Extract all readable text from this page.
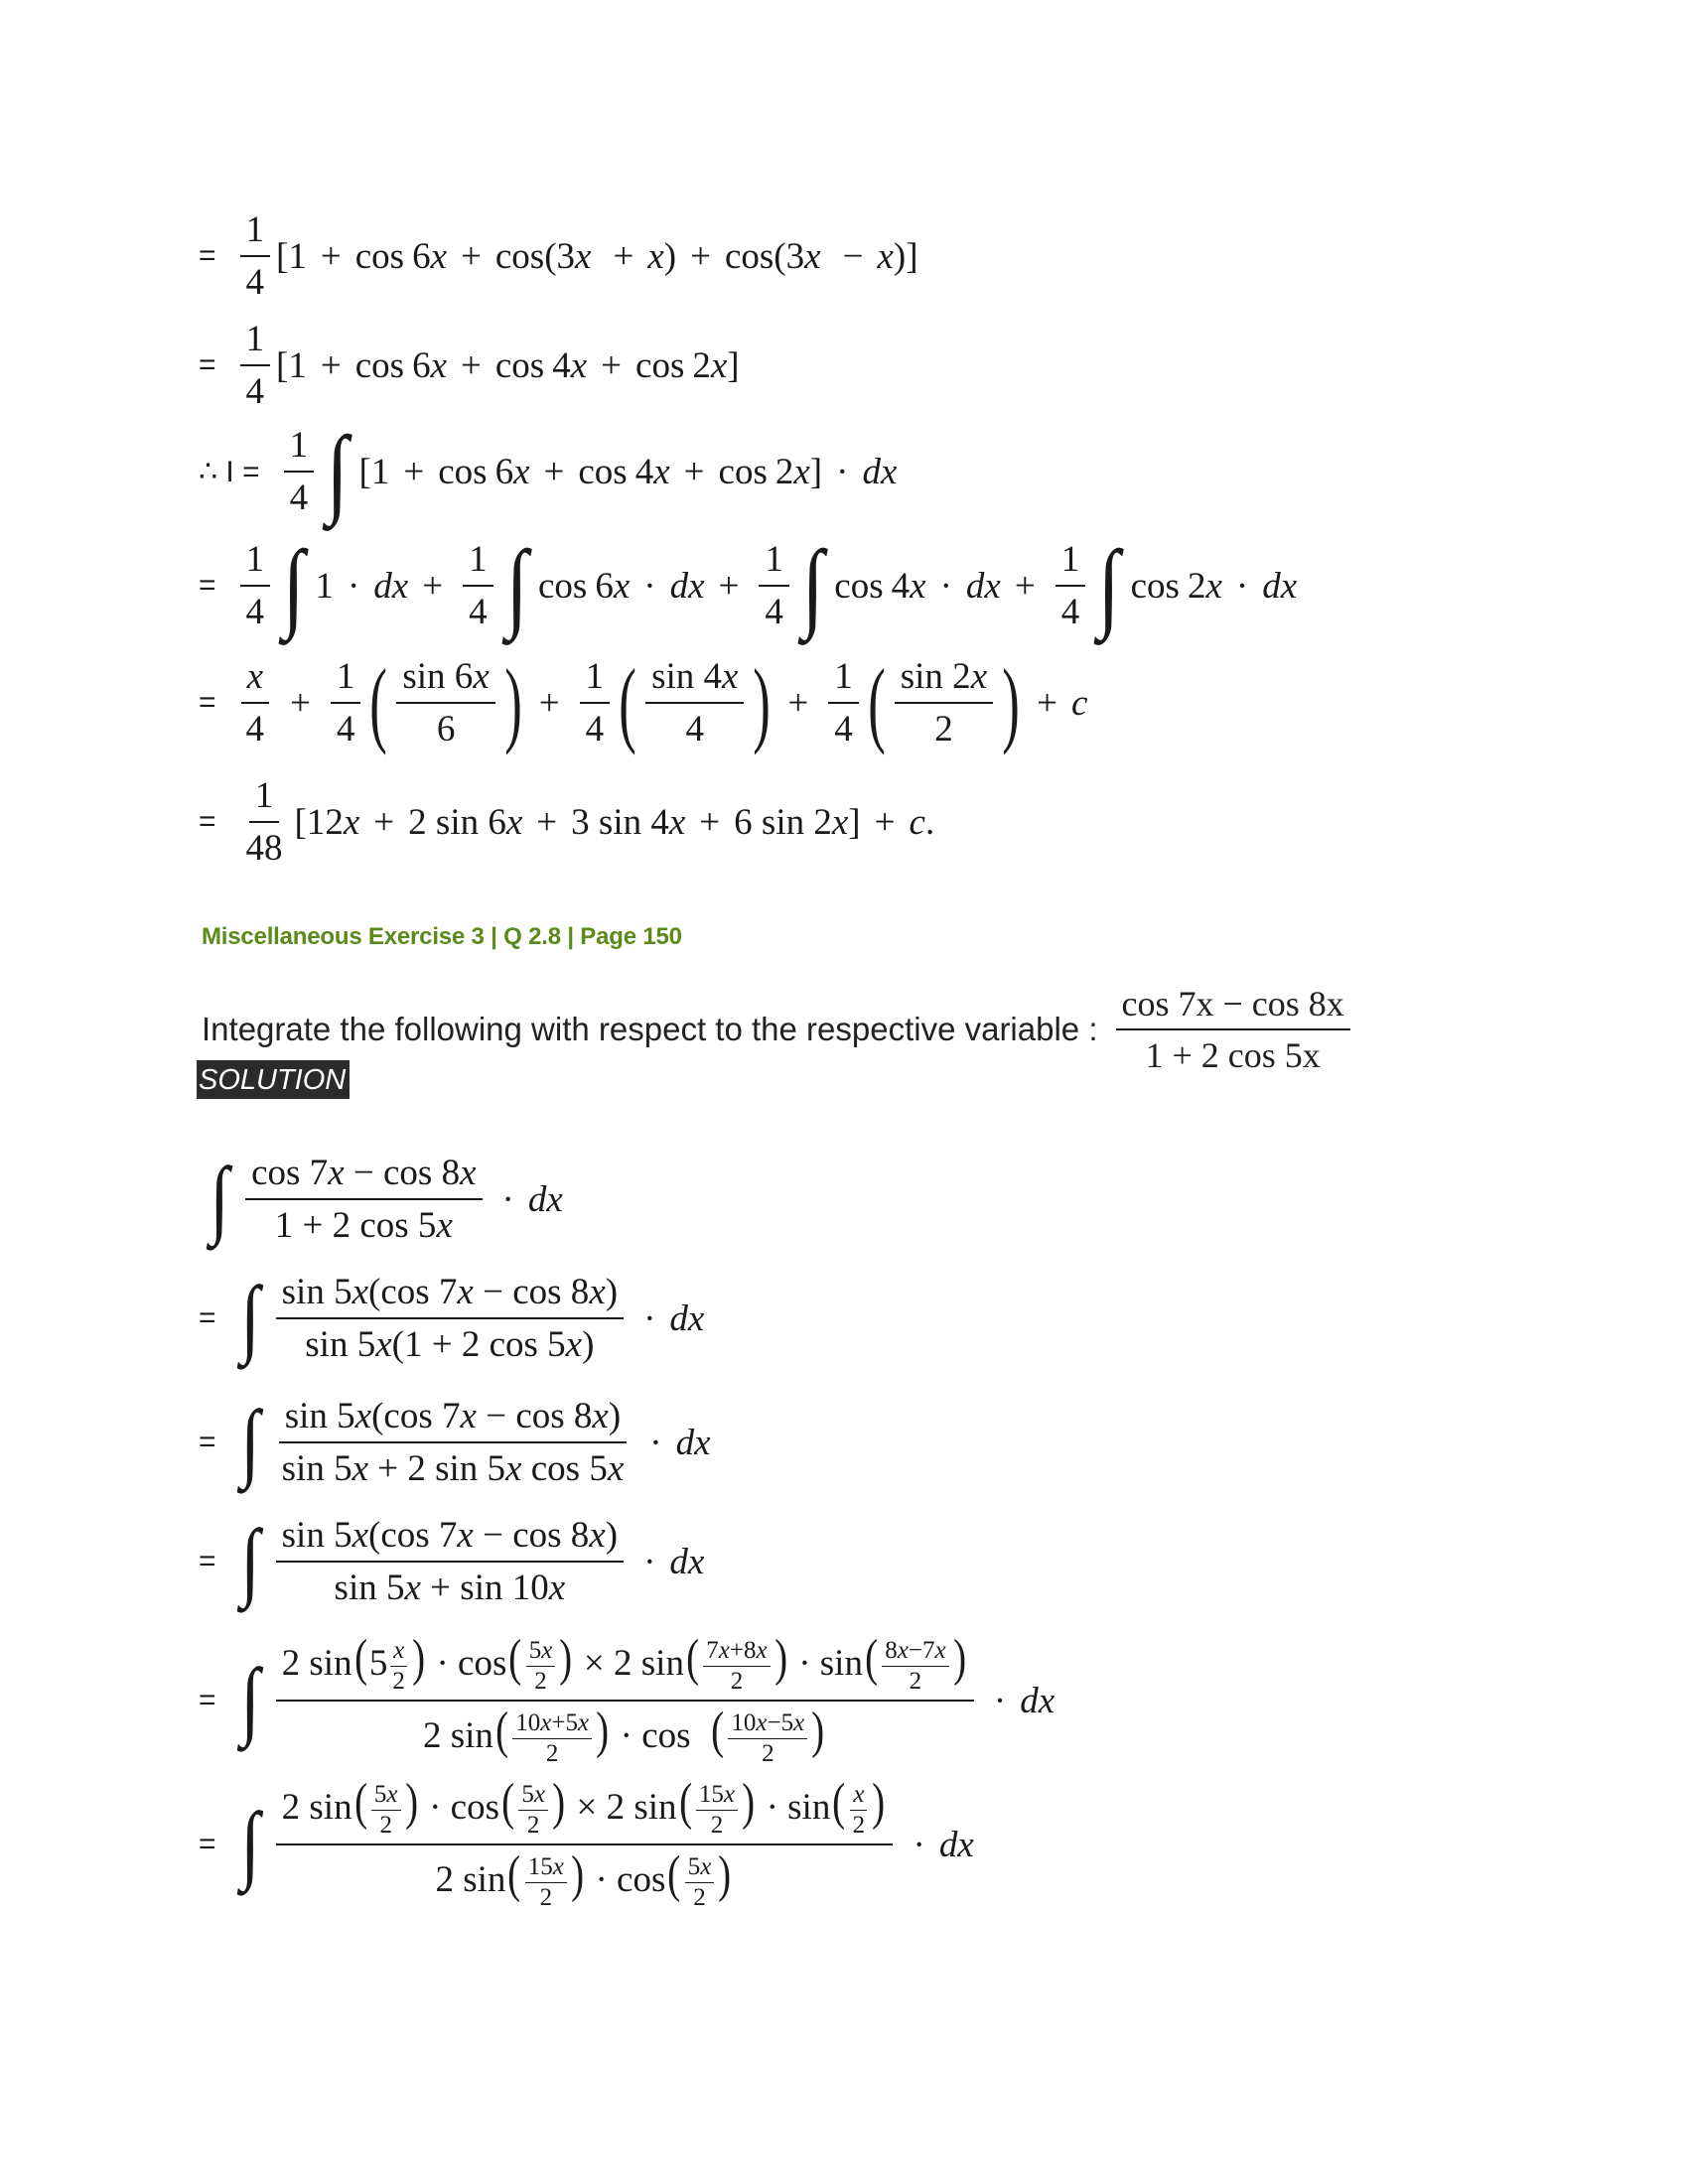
= $\frac{1}{4} [1 + \cos 6x + \cos(3x + x) + \cos(3x - x)]$
= $\frac{1}{4} [1 + \cos 6x + \cos 4x + \cos 2x]$
∴ $I = \frac{1}{4}$ ∫ [1 + cos 6x + cos 4x + cos 2x] · dx
= $\frac{1}{4}$ ∫ 1 · dx + $\frac{1}{4}$ ∫ cos 6x · dx + $\frac{1}{4}$ ∫ cos 4x · dx + $\frac{1}{4}$ ∫ cos 2x · dx
= $\frac{x}{4} + \frac{1}{4}$ ( $\frac{\sin 6x}{6}$ ) + $\frac{1}{4}$ ( $\frac{\sin 4x}{4}$ ) + $\frac{1}{4}$ ( $\frac{\sin 2x}{2}$ ) + c
= $\frac{1}{48} [12x + 2$ sin 6x + 3 sin 4x + 6 sin 2x] + c .
Miscellaneous Exercise 3 | Q 2.8 | Page 150
Integrate the following with respect to the respective variable : $\frac{\cos 7x - \cos 8x}{1 + 2 \cos 5x}$
SOLUTION
∫ $\frac{\cos 7x - \cos 8x}{1 + 2 \cos 5x}$ · dx
= ∫ $\frac{\sin 5x(\cos 7x - \cos 8x)}{\sin 5x(1 + 2 \cos 5x)}$ · dx
= ∫ $\frac{\sin 5x(\cos 7x - \cos 8x)}{\text{sin 5x + 2 sin 5x cos 5x}}$ · dx
= ∫ $\frac{\sin 5x(\cos 7x - \cos 8x)}{\sin 5x + \sin 10x}$ · dx
= ∫ $\frac{2 \sin(5 \frac{x}{2} ) \cdot \cos( \frac{5x}{2} ) \times 2 \sin( \frac{7x+8x}{2} ) \cdot \sin( \frac{8x-7x}{2} )}{2 \sin( \frac{10x+5x}{2} ) \cdot \cos ( \frac{10x-5x}{2} )}$ · dx
= ∫ $\frac{2 \sin( \frac{5x}{2} ) \cdot \cos( \frac{5x}{2} ) \times 2 \sin( \frac{15x}{2} ) \cdot \sin( \frac{x}{2} )}{2 \sin( \frac{15x}{2} ) \cdot \cos( \frac{5x}{2} )}$ · dx
